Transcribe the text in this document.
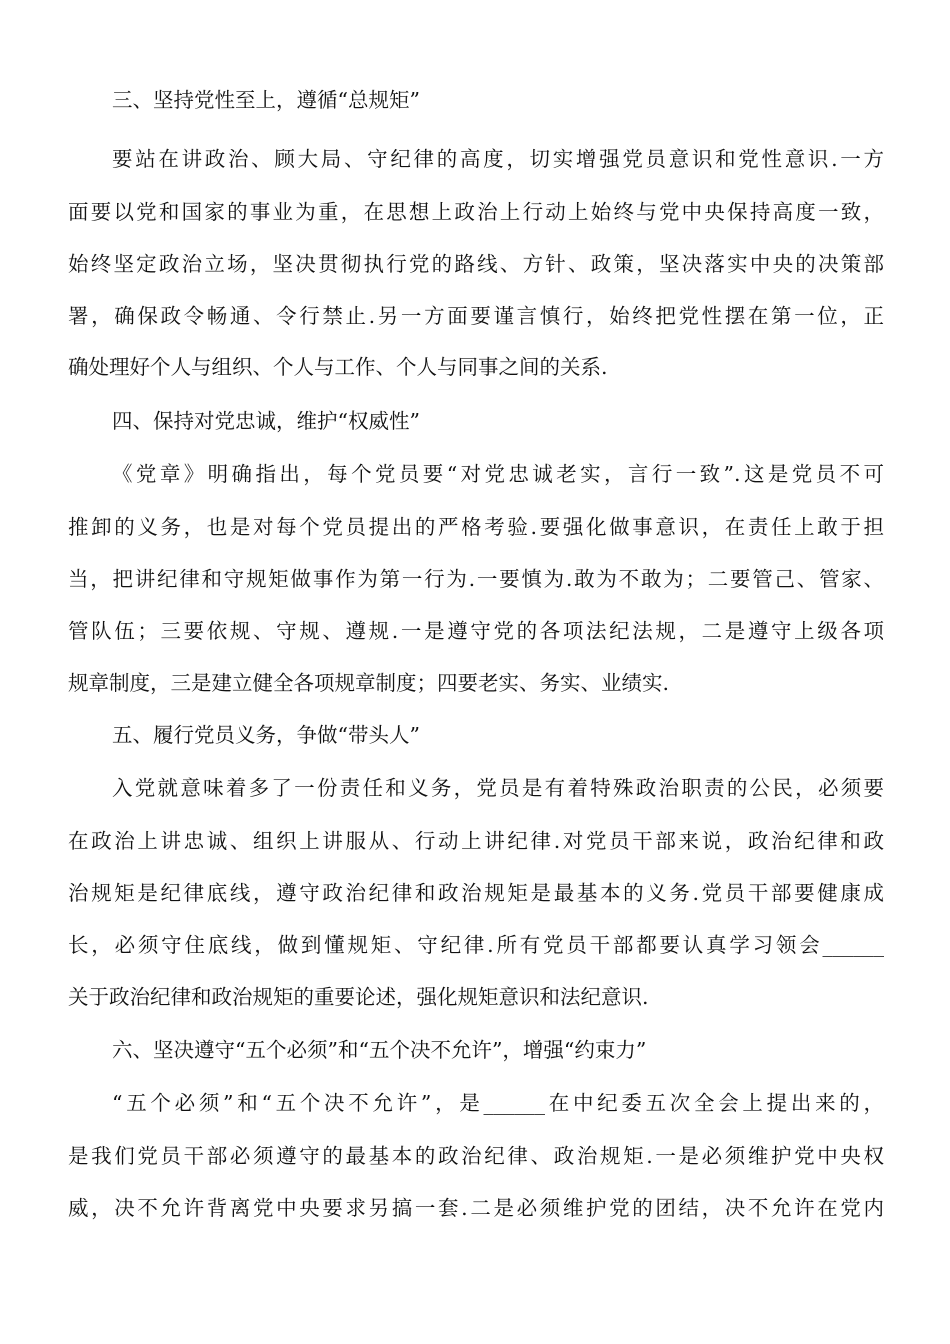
三、坚持党性至上，遵循“总规矩”
要站在讲政治、顾大局、守纪律的高度，切实增强党员意识和党性意识.一方
面要以党和国家的事业为重，在思想上政治上行动上始终与党中央保持高度一致，
始终坚定政治立场，坚决贯彻执行党的路线、方针、政策，坚决落实中央的决策部
署，确保政令畅通、令行禁止.另一方面要谨言慎行，始终把党性摆在第一位，正
确处理好个人与组织、个人与工作、个人与同事之间的关系.
四、保持对党忠诚，维护“权威性”
《党章》明确指出，每个党员要“对党忠诚老实，言行一致”.这是党员不可
推卸的义务，也是对每个党员提出的严格考验.要强化做事意识，在责任上敢于担
当，把讲纪律和守规矩做事作为第一行为.一要慎为.敢为不敢为；二要管己、管家、
管队伍；三要依规、守规、遵规.一是遵守党的各项法纪法规，二是遵守上级各项
规章制度，三是建立健全各项规章制度；四要老实、务实、业绩实.
五、履行党员义务，争做“带头人”
入党就意味着多了一份责任和义务，党员是有着特殊政治职责的公民，必须要
在政治上讲忠诚、组织上讲服从、行动上讲纪律.对党员干部来说，政治纪律和政
治规矩是纪律底线，遵守政治纪律和政治规矩是最基本的义务.党员干部要健康成
长，必须守住底线，做到懂规矩、守纪律.所有党员干部都要认真学习领会______
关于政治纪律和政治规矩的重要论述，强化规矩意识和法纪意识.
六、坚决遵守“五个必须”和“五个决不允许”，增强“约束力”
“五个必须”和“五个决不允许”，是______在中纪委五次全会上提出来的，
是我们党员干部必须遵守的最基本的政治纪律、政治规矩.一是必须维护党中央权
威，决不允许背离党中央要求另搞一套.二是必须维护党的团结，决不允许在党内
